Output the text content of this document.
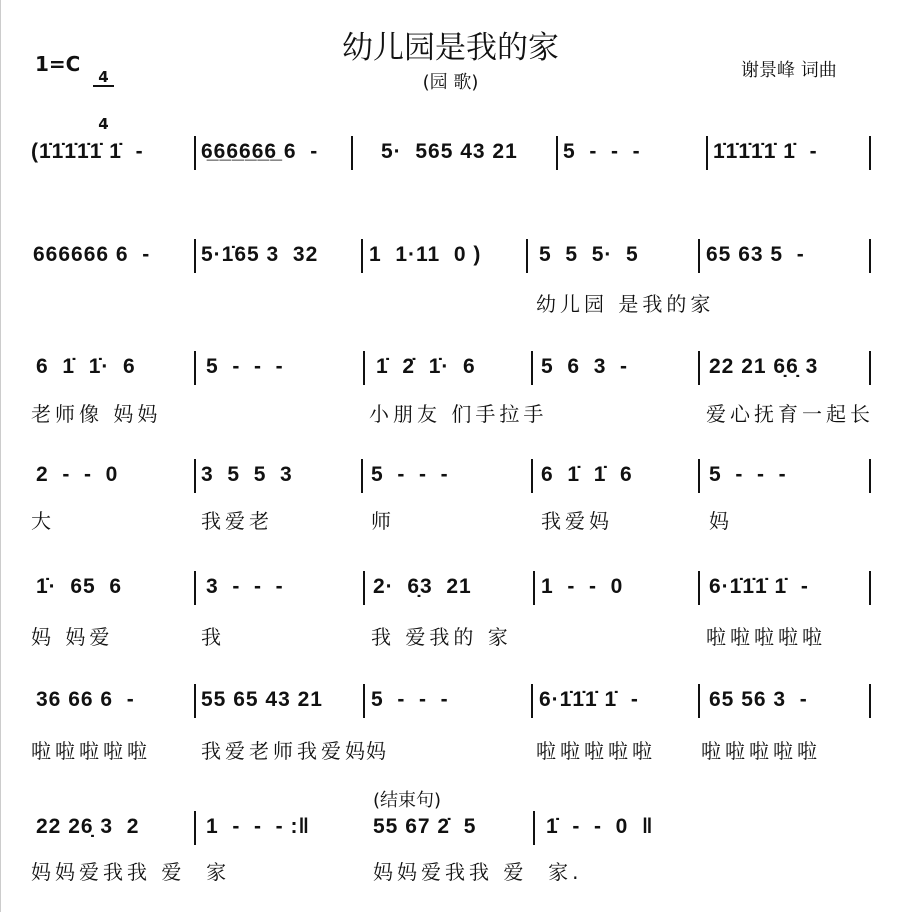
幼儿园是我的家
(园 歌)
1=C

$\frac{4}{4}$

	谢景峰 词曲
(1̇1̇1̇1̇1̇ 1̇  -	6̲6̲6̲6̲6̲6̲ 6  -	5·  565 43 21 5  -  -  -	1̇1̇1̇1̇1̇ 1̇  -
666666 6  - 5·1̇65 3  32 1  1·11  0 )	5  5  5·  5	65 63 5  -
幼儿园 是我的家
6  1̇  1̇·  6	5  -  -  -	1̇  2̇  1̇·  6	5  6  3  -	22 21 6̣6̣ 3
老师像 妈妈	小朋友 们手拉手	爱心抚育一起长
2  -  -  0	3  5  5  3	5  -  -  -	6  1̇  1̇  6	5  -  -  -
大	我爱老	师	我爱妈	妈
1̇·  65  6	3  -  -  -	2·  6̣3  21	1  -  -  0	6·1̇1̇1̇ 1̇  -
妈 妈爱	我	我 爱我的 家	啦啦啦啦啦
36 66 6  -	55 65 43 21 5  -  -  -	6·1̇1̇1̇ 1̇  -	65 56 3  -
啦啦啦啦啦	我爱老师我爱妈
妈	啦啦啦啦啦 啦啦啦啦啦
22 26̣ 3  2	1  -  -  - :‖	55 67 2̇  5	1̇  -  -  0  ‖
妈妈爱我我 爱  家	妈妈爱我我 爱  家.
(结束句)
